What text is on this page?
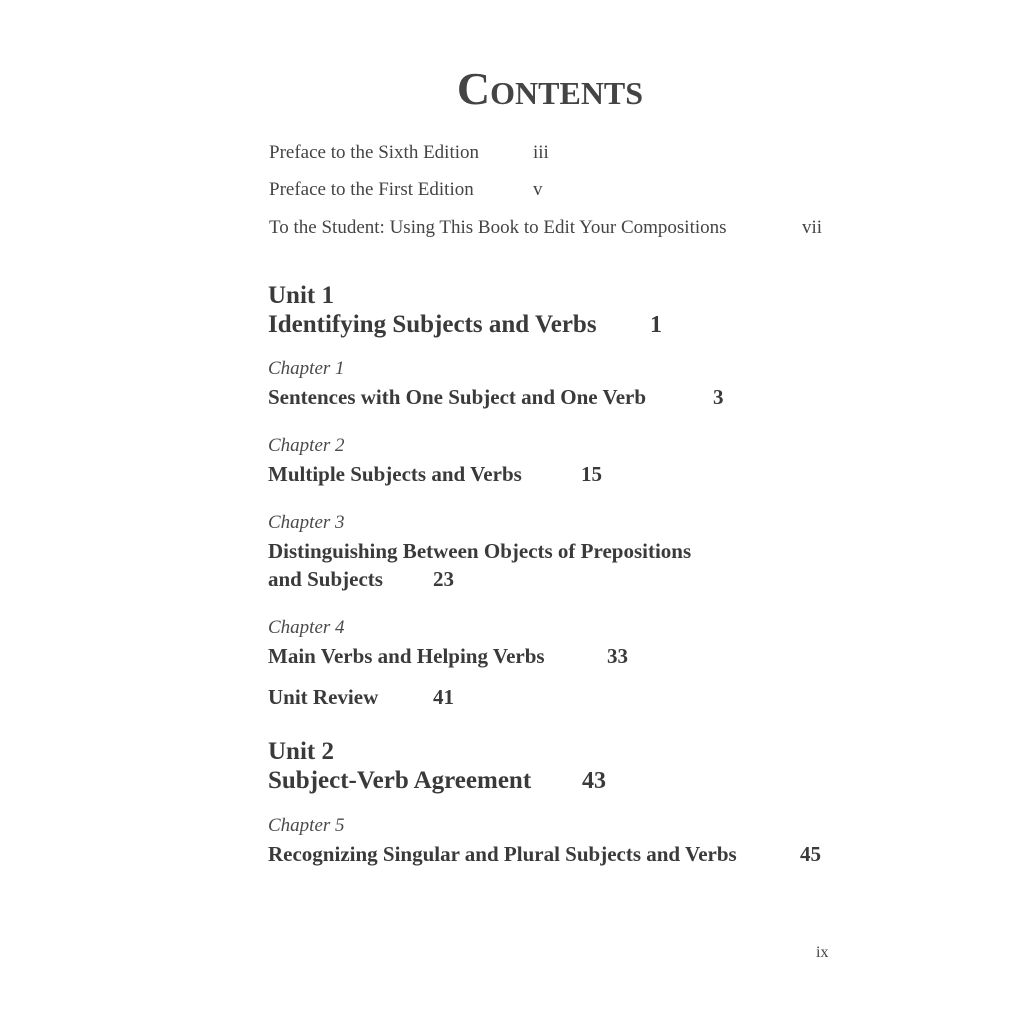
Contents
Preface to the Sixth Edition	iii
Preface to the First Edition	v
To the Student: Using This Book to Edit Your Compositions	vii
Unit 1
Identifying Subjects and Verbs 1
Chapter 1
Sentences with One Subject and One Verb	3
Chapter 2
Multiple Subjects and Verbs	15
Chapter 3
Distinguishing Between Objects of Prepositions
and Subjects 23
Chapter 4
Main Verbs and Helping Verbs	33
Unit Review	41
Unit 2
Subject-Verb Agreement 43
Chapter 5
Recognizing Singular and Plural Subjects and Verbs	45
ix
